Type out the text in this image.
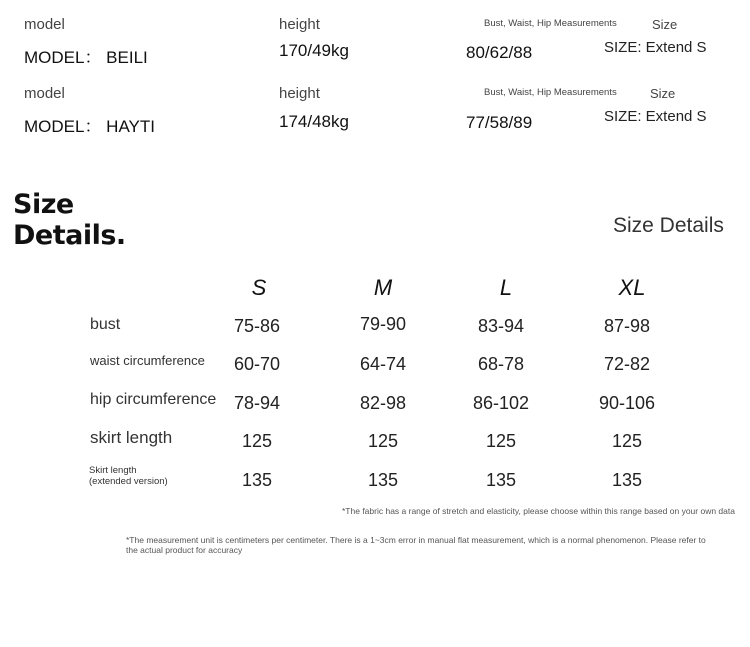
model	height	Bust, Waist, Hip Measurements	Size
MODEL： BEILI	170/49kg	80/62/88	SIZE: Extend S
model	height	Bust, Waist, Hip Measurements	Size
MODEL： HAYTI	174/48kg	77/58/89	SIZE: Extend S
Size
Details.	Size Details
S	M	L	XL
bust	75-86	79-90	83-94	87-98
waist circumference	60-70	64-74	68-78	72-82
hip circumference 78-94	82-98	86-102	90-106
skirt length	125	125	125	125
Skirt length
(extended version)	135	135	135	135
*The fabric has a range of stretch and elasticity, please choose within this range based on your own data
*The measurement unit is centimeters per centimeter. There is a 1~3cm error in manual flat measurement, which is a normal phenomenon. Please refer to the actual product for accuracy
